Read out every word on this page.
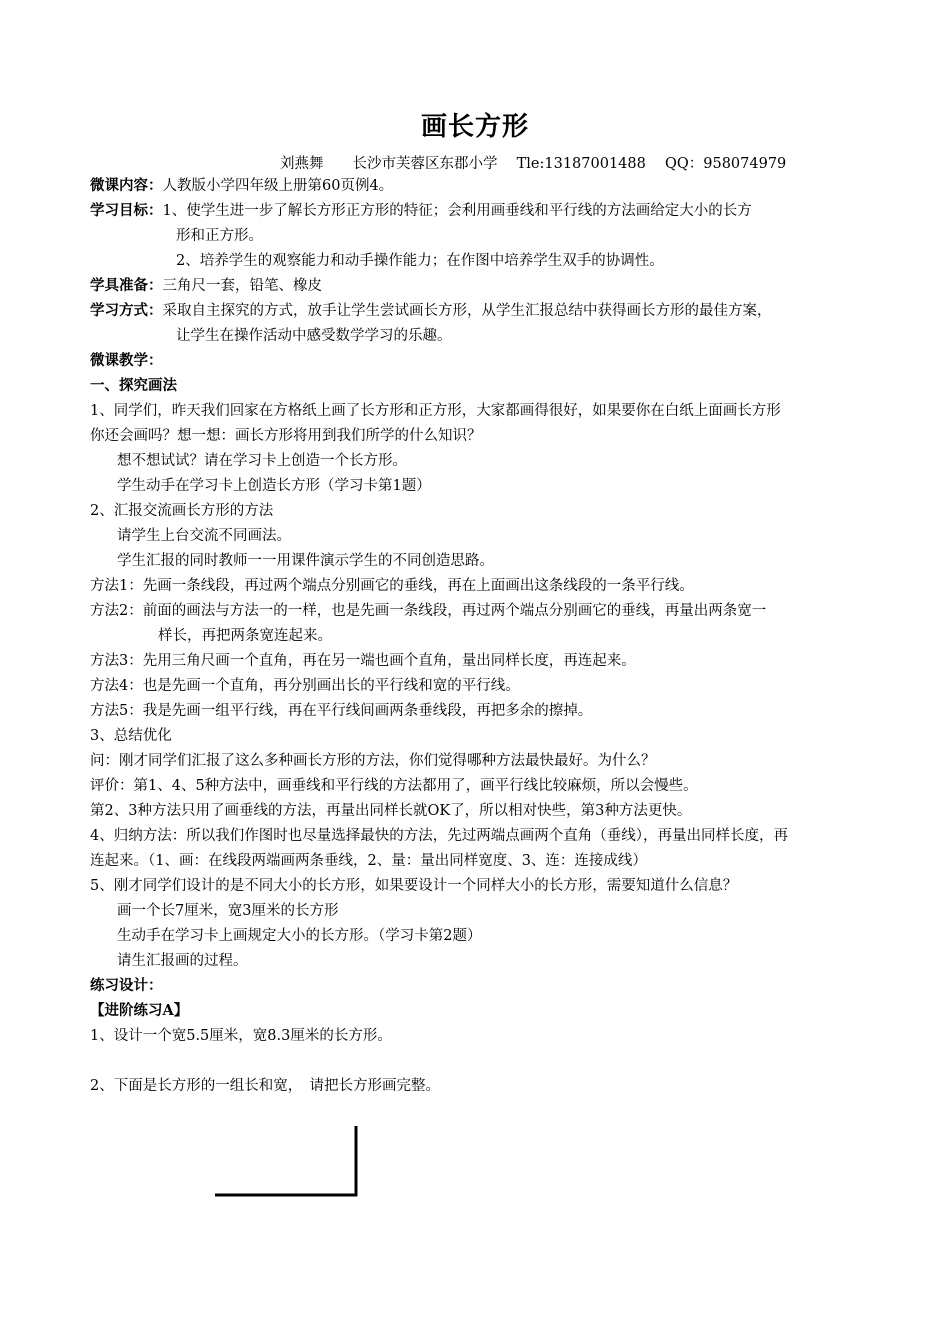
画长方形
刘燕舞　　长沙市芙蓉区东郡小学　 Tle:13187001488　 QQ：958074979
微课内容：人教版小学四年级上册第60页例4。
学习目标：1、使学生进一步了解长方形正方形的特征；会利用画垂线和平行线的方法画给定大小的长方
形和正方形。
2、培养学生的观察能力和动手操作能力；在作图中培养学生双手的协调性。
学具准备：三角尺一套，铅笔、橡皮
学习方式：采取自主探究的方式，放手让学生尝试画长方形，从学生汇报总结中获得画长方形的最佳方案，
让学生在操作活动中感受数学学习的乐趣。
微课教学：
一、探究画法
1、同学们，昨天我们回家在方格纸上画了长方形和正方形，大家都画得很好，如果要你在白纸上面画长方形
你还会画吗？想一想：画长方形将用到我们所学的什么知识？
想不想试试？请在学习卡上创造一个长方形。
学生动手在学习卡上创造长方形（学习卡第1题）
2、汇报交流画长方形的方法
请学生上台交流不同画法。
学生汇报的同时教师一一用课件演示学生的不同创造思路。
方法1：先画一条线段，再过两个端点分别画它的垂线，再在上面画出这条线段的一条平行线。
方法2：前面的画法与方法一的一样，也是先画一条线段，再过两个端点分别画它的垂线，再量出两条宽一
样长，再把两条宽连起来。
方法3：先用三角尺画一个直角，再在另一端也画个直角，量出同样长度，再连起来。
方法4：也是先画一个直角，再分别画出长的平行线和宽的平行线。
方法5：我是先画一组平行线，再在平行线间画两条垂线段，再把多余的擦掉。
3、总结优化
问：刚才同学们汇报了这么多种画长方形的方法，你们觉得哪种方法最快最好。为什么？
评价：第1、4、5种方法中，画垂线和平行线的方法都用了，画平行线比较麻烦，所以会慢些。
第2、3种方法只用了画垂线的方法，再量出同样长就OK了，所以相对快些，第3种方法更快。
4、归纳方法：所以我们作图时也尽量选择最快的方法，先过两端点画两个直角（垂线），再量出同样长度，再
连起来。（1、画：在线段两端画两条垂线，2、量：量出同样宽度、3、连：连接成线）
5、刚才同学们设计的是不同大小的长方形，如果要设计一个同样大小的长方形，需要知道什么信息？
画一个长7厘米，宽3厘米的长方形
生动手在学习卡上画规定大小的长方形。（学习卡第2题）
请生汇报画的过程。
练习设计：
【进阶练习A】
1、设计一个宽5.5厘米，宽8.3厘米的长方形。
2、下面是长方形的一组长和宽，　请把长方形画完整。
